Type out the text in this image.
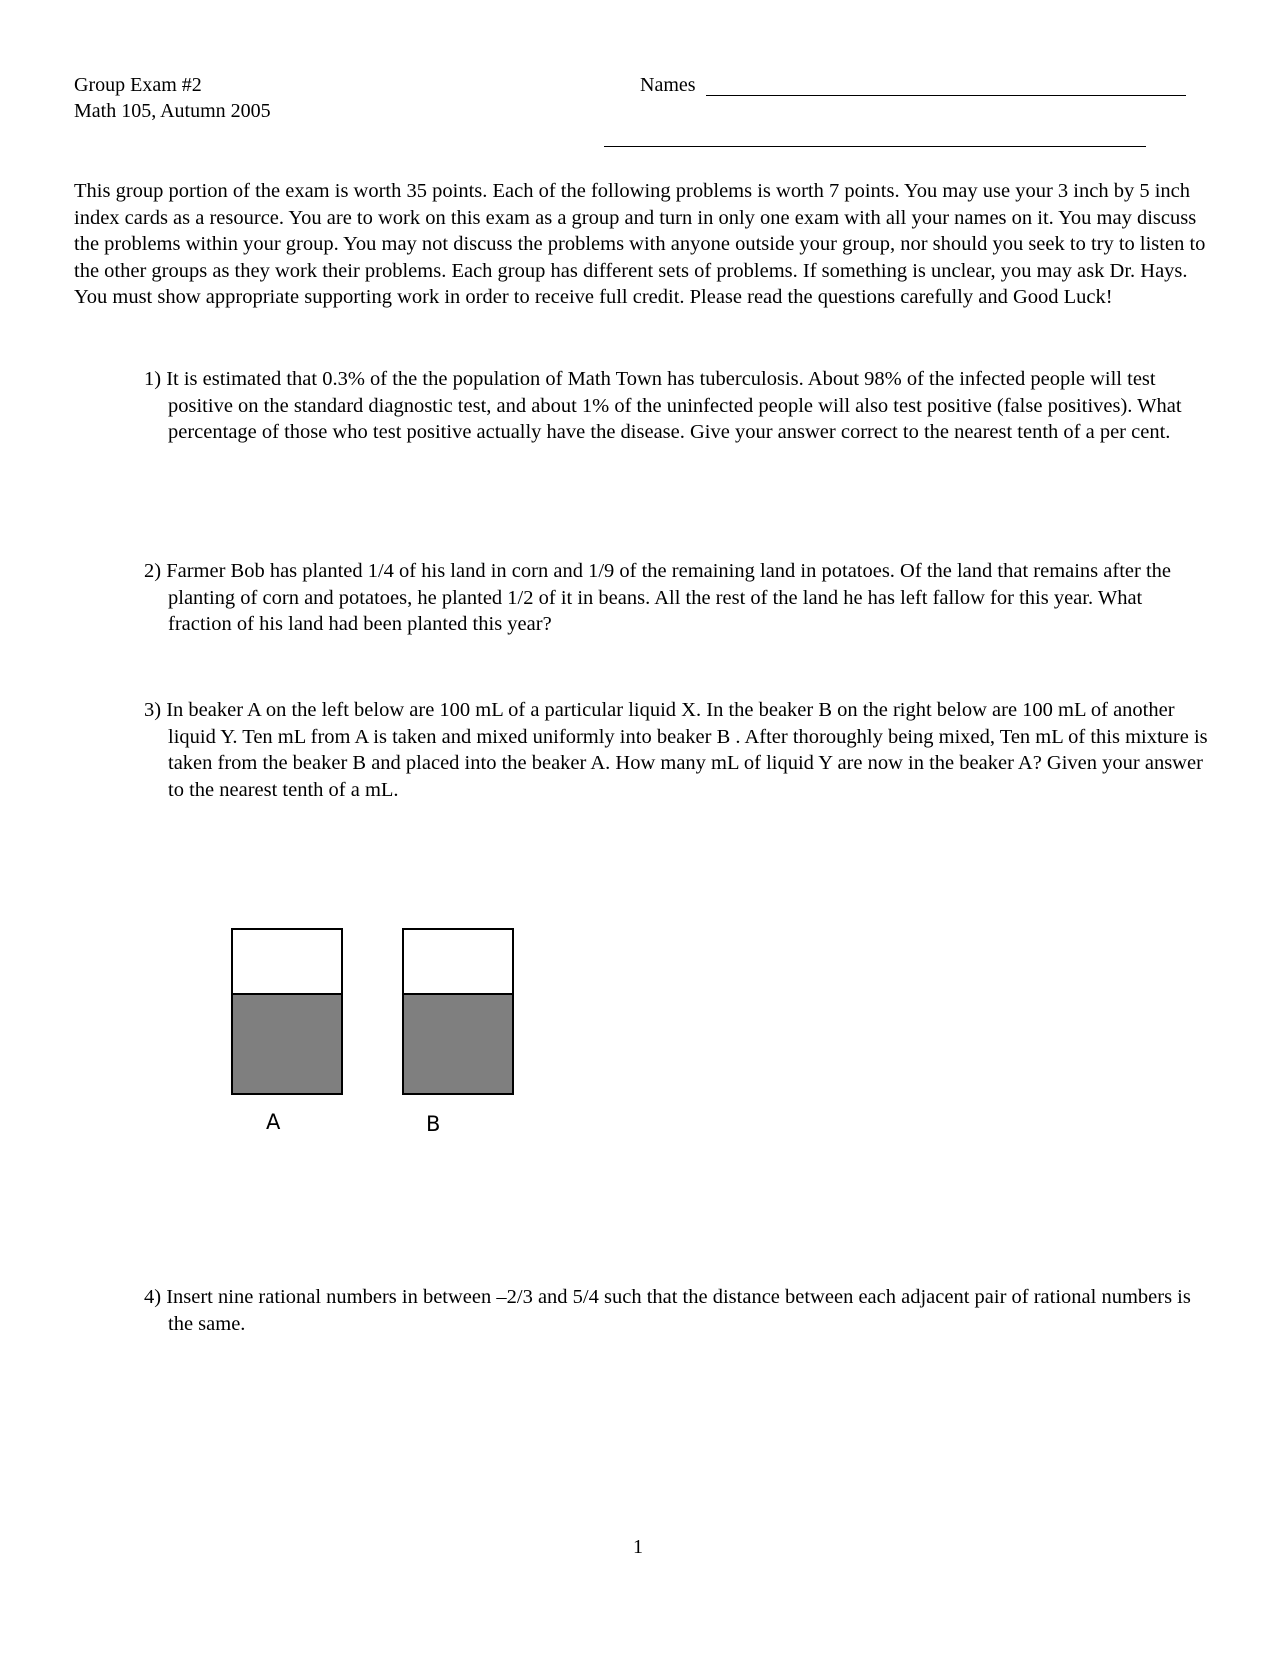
Group Exam #2
Math 105, Autumn 2005
Names

This group portion of the exam is worth 35 points. Each of the following problems is worth 7 points. You may use your 3 inch by 5 inch index cards as a resource. You are to work on this exam as a group and turn in only one exam with all your names on it. You may discuss the problems within your group. You may not discuss the problems with anyone outside your group, nor should you seek to try to listen to the other groups as they work their problems. Each group has different sets of problems. If something is unclear, you may ask Dr. Hays. You must show appropriate supporting work in order to receive full credit. Please read the questions carefully and Good Luck!

1) It is estimated that 0.3% of the the population of Math Town has tuberculosis. About 98% of the infected people will test positive on the standard diagnostic test, and about 1% of the uninfected people will also test positive (false positives). What percentage of those who test positive actually have the disease. Give your answer correct to the nearest tenth of a per cent.

2) Farmer Bob has planted 1/4 of his land in corn and 1/9 of the remaining land in potatoes. Of the land that remains after the planting of corn and potatoes, he planted 1/2 of it in beans. All the rest of the land he has left fallow for this year. What fraction of his land had been planted this year?

3) In beaker A on the left below are 100 mL of a particular liquid X. In the beaker B on the right below are 100 mL of another liquid Y. Ten mL from A is taken and mixed uniformly into beaker B . After thoroughly being mixed, Ten mL of this mixture is taken from the beaker B and placed into the beaker A. How many mL of liquid Y are now in the beaker A? Given your answer to the nearest tenth of a mL.

A	B

4) Insert nine rational numbers in between –2/3 and 5/4 such that the distance between each adjacent pair of rational numbers is the same.

1
